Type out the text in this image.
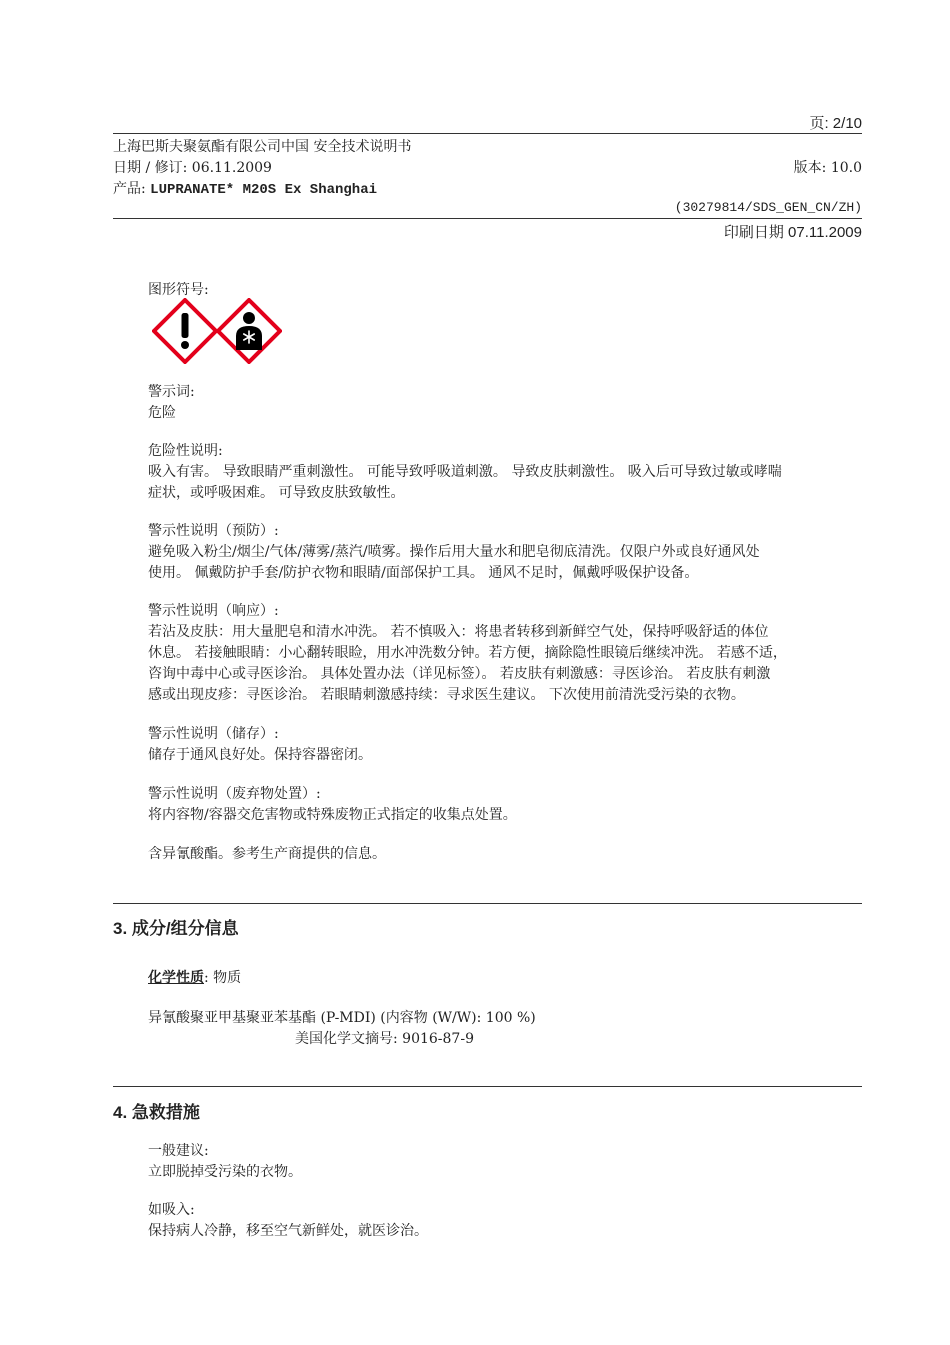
页: 2/10
上海巴斯夫聚氨酯有限公司中国 安全技术说明书
日期 / 修订: 06.11.2009	版本: 10.0
产品: LUPRANATE* M20S Ex Shanghai
(30279814/SDS_GEN_CN/ZH)
印刷日期 07.11.2009
图形符号:

警示词:

危险

危险性说明:

吸入有害。 导致眼睛严重刺激性。 可能导致呼吸道刺激。 导致皮肤刺激性。 吸入后可导致过敏或哮喘

症状，或呼吸困难。 可导致皮肤致敏性。

警示性说明（预防）:

避免吸入粉尘/烟尘/气体/薄雾/蒸汽/喷雾。操作后用大量水和肥皂彻底清洗。仅限户外或良好通风处

使用。 佩戴防护手套/防护衣物和眼睛/面部保护工具。 通风不足时，佩戴呼吸保护设备。

警示性说明（响应）:

若沾及皮肤：用大量肥皂和清水冲洗。 若不慎吸入：将患者转移到新鲜空气处，保持呼吸舒适的体位

休息。 若接触眼睛：小心翻转眼睑，用水冲洗数分钟。若方便，摘除隐性眼镜后继续冲洗。 若感不适，

咨询中毒中心或寻医诊治。 具体处置办法（详见标签）。 若皮肤有刺激感：寻医诊治。 若皮肤有刺激

感或出现皮疹：寻医诊治。 若眼睛刺激感持续：寻求医生建议。 下次使用前清洗受污染的衣物。

警示性说明（储存）:

储存于通风良好处。保持容器密闭。

警示性说明（废弃物处置）:

将内容物/容器交危害物或特殊废物正式指定的收集点处置。

含异氰酸酯。参考生产商提供的信息。

3. 成分/组分信息
化学性质: 物质
异氰酸聚亚甲基聚亚苯基酯 (P-MDI) (内容物 (W/W): 100 %)
美国化学文摘号: 9016-87-9
4. 急救措施

一般建议:

立即脱掉受污染的衣物。

如吸入:

保持病人冷静，移至空气新鲜处，就医诊治。
